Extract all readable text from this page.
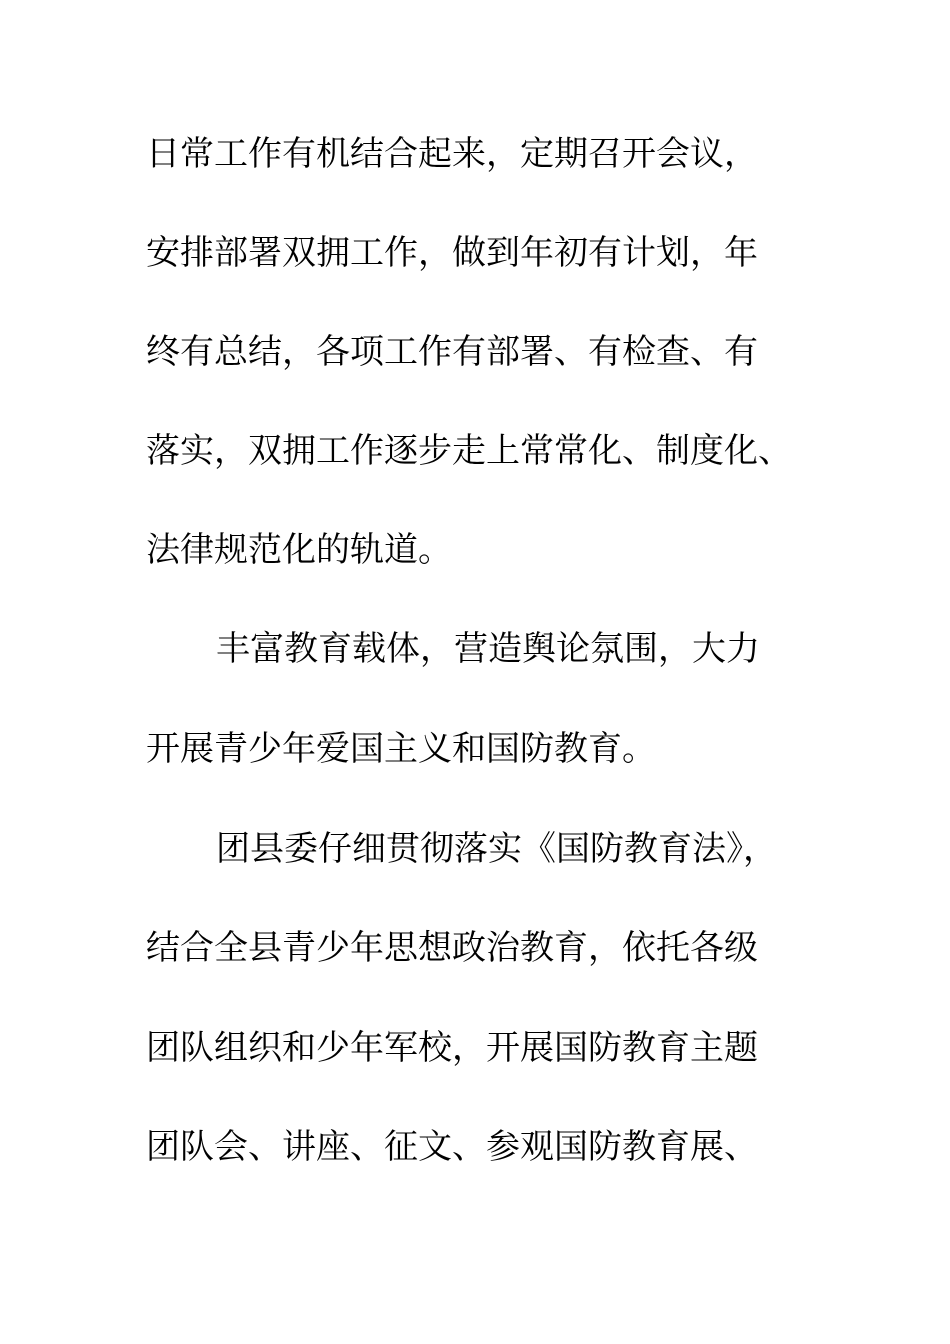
日常工作有机结合起来，定期召开会议，

安排部署双拥工作，做到年初有计划，年

终有总结，各项工作有部署、有检查、有

落实，双拥工作逐步走上常常化、制度化、

法律规范化的轨道。

丰富教育载体，营造舆论氛围，大力

开展青少年爱国主义和国防教育。

团县委仔细贯彻落实《国防教育法》，

结合全县青少年思想政治教育，依托各级

团队组织和少年军校，开展国防教育主题

团队会、讲座、征文、参观国防教育展、
